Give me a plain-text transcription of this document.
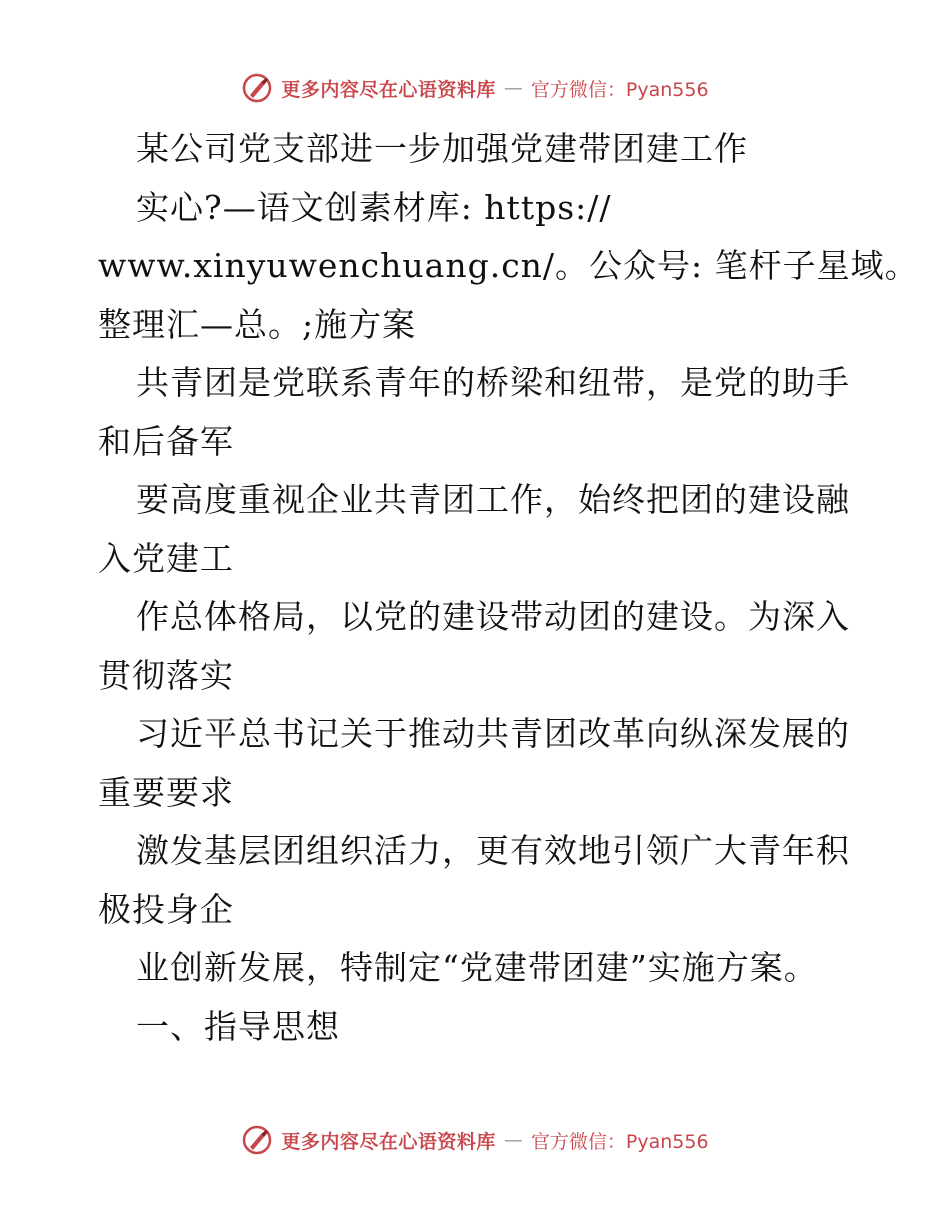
更多内容尽在心语资料库 — 官方微信：Pyan556
某公司党支部进一步加强党建带团建工作
实心?—语文创素材库: https://
www.xinyuwenchuang.cn/。公众号: 笔杆子星域。
整理汇—总。;施方案
共青团是党联系青年的桥梁和纽带，是党的助手
和后备军
要高度重视企业共青团工作，始终把团的建设融
入党建工
作总体格局，以党的建设带动团的建设。为深入
贯彻落实
习近平总书记关于推动共青团改革向纵深发展的
重要要求
激发基层团组织活力，更有效地引领广大青年积
极投身企
业创新发展，特制定“党建带团建”实施方案。
一、指导思想
更多内容尽在心语资料库 — 官方微信：Pyan556
